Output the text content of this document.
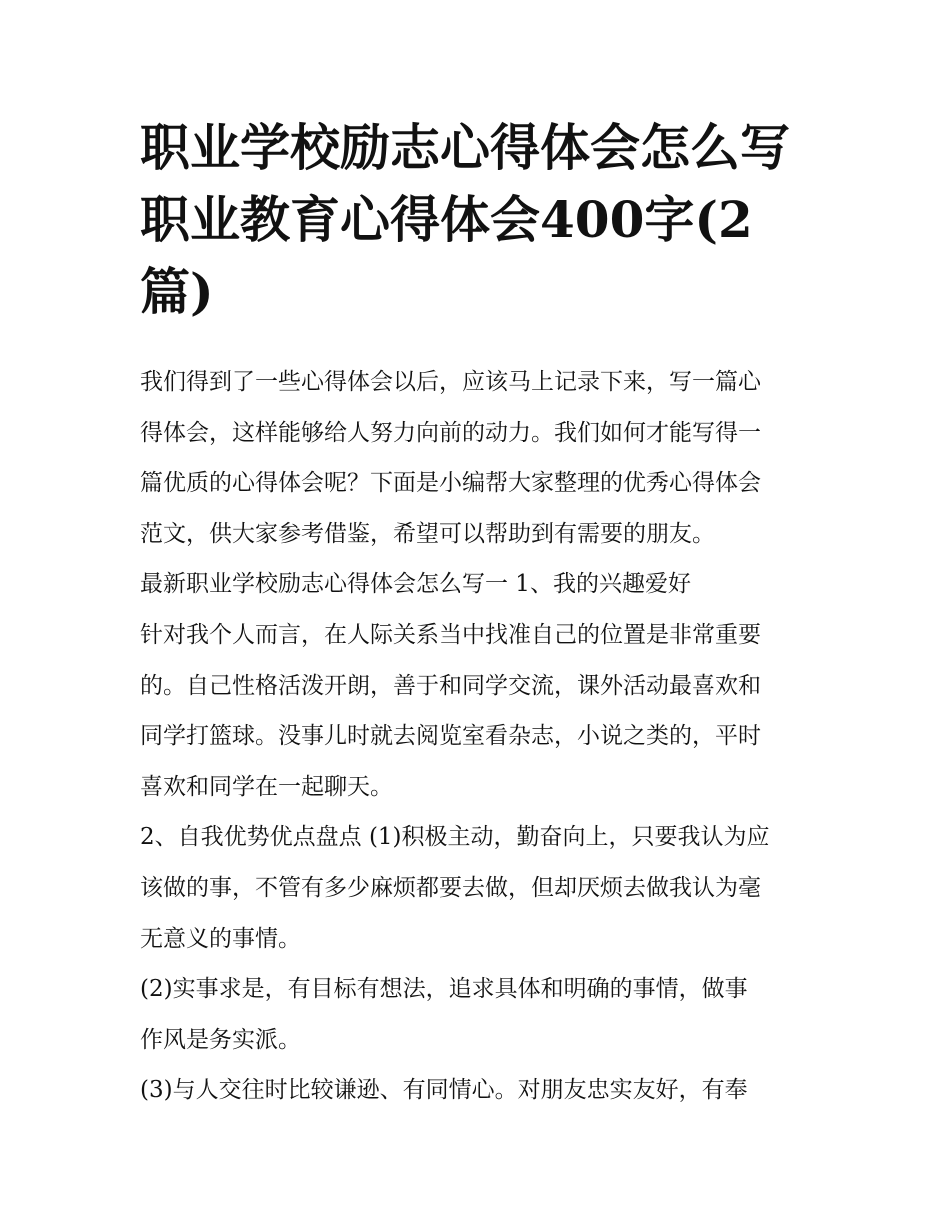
职业学校励志心得体会怎么写
职业教育心得体会400字(2
篇)

我们得到了一些心得体会以后，应该马上记录下来，写一篇心

得体会，这样能够给人努力向前的动力。我们如何才能写得一

篇优质的心得体会呢？下面是小编帮大家整理的优秀心得体会

范文，供大家参考借鉴，希望可以帮助到有需要的朋友。

最新职业学校励志心得体会怎么写一 1、我的兴趣爱好

针对我个人而言，在人际关系当中找准自己的位置是非常重要

的。自己性格活泼开朗，善于和同学交流，课外活动最喜欢和

同学打篮球。没事儿时就去阅览室看杂志，小说之类的，平时

喜欢和同学在一起聊天。

2、自我优势优点盘点 (1)积极主动，勤奋向上，只要我认为应

该做的事，不管有多少麻烦都要去做，但却厌烦去做我认为毫

无意义的事情。

(2)实事求是，有目标有想法，追求具体和明确的事情，做事

作风是务实派。

(3)与人交往时比较谦逊、有同情心。对朋友忠实友好，有奉
